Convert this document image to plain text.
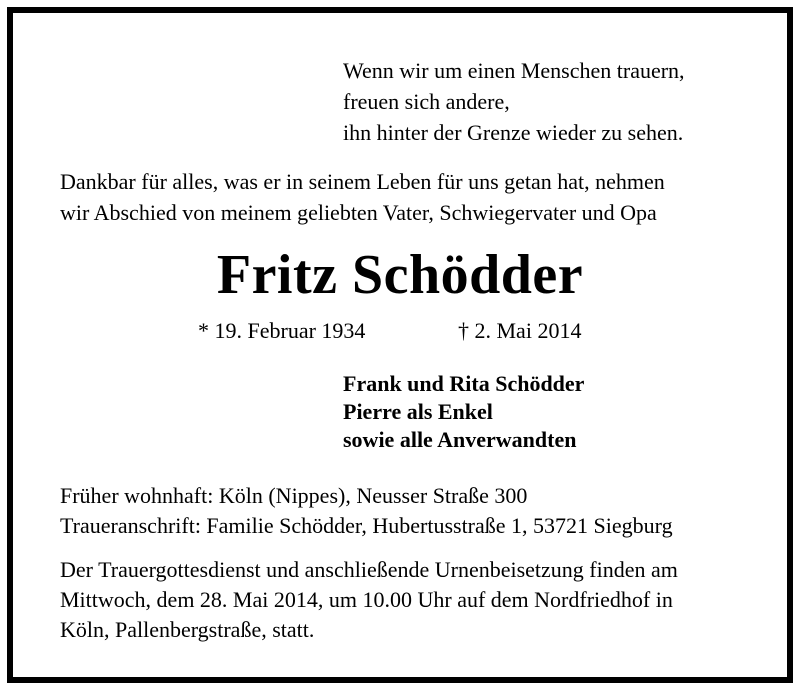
Wenn wir um einen Menschen trauern,
freuen sich andere,
ihn hinter der Grenze wieder zu sehen.
Dankbar für alles, was er in seinem Leben für uns getan hat, nehmen
wir Abschied von meinem geliebten Vater, Schwiegervater und Opa
Fritz Schödder
* 19. Februar 1934	† 2. Mai 2014
Frank und Rita Schödder
Pierre als Enkel
sowie alle Anverwandten
Früher wohnhaft: Köln (Nippes), Neusser Straße 300
Traueranschrift: Familie Schödder, Hubertusstraße 1, 53721 Siegburg
Der Trauergottesdienst und anschließende Urnenbeisetzung finden am
Mittwoch, dem 28. Mai 2014, um 10.00 Uhr auf dem Nordfriedhof in
Köln, Pallenbergstraße, statt.
